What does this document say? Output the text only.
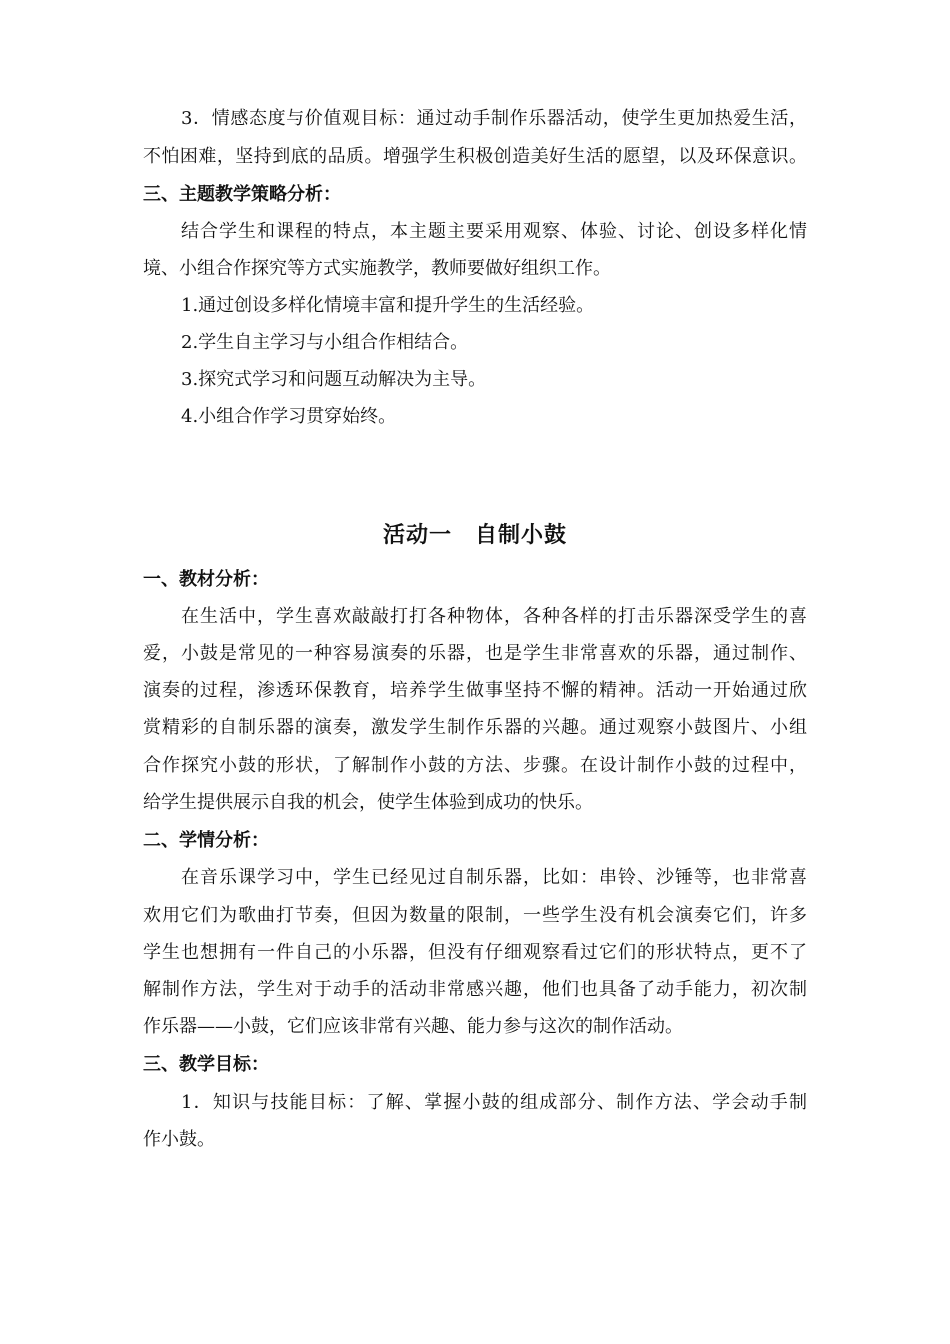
3．情感态度与价值观目标：通过动手制作乐器活动，使学生更加热爱生活，
不怕困难，坚持到底的品质。增强学生积极创造美好生活的愿望，以及环保意识。
三、主题教学策略分析：
结合学生和课程的特点，本主题主要采用观察、体验、讨论、创设多样化情
境、小组合作探究等方式实施教学，教师要做好组织工作。
1.通过创设多样化情境丰富和提升学生的生活经验。
2.学生自主学习与小组合作相结合。
3.探究式学习和问题互动解决为主导。
4.小组合作学习贯穿始终。
活动一　自制小鼓
一、教材分析：
在生活中，学生喜欢敲敲打打各种物体，各种各样的打击乐器深受学生的喜
爱，小鼓是常见的一种容易演奏的乐器，也是学生非常喜欢的乐器，通过制作、
演奏的过程，渗透环保教育，培养学生做事坚持不懈的精神。活动一开始通过欣
赏精彩的自制乐器的演奏，激发学生制作乐器的兴趣。通过观察小鼓图片、小组
合作探究小鼓的形状，了解制作小鼓的方法、步骤。在设计制作小鼓的过程中，
给学生提供展示自我的机会，使学生体验到成功的快乐。
二、学情分析：
在音乐课学习中，学生已经见过自制乐器，比如：串铃、沙锤等，也非常喜
欢用它们为歌曲打节奏，但因为数量的限制，一些学生没有机会演奏它们，许多
学生也想拥有一件自己的小乐器，但没有仔细观察看过它们的形状特点，更不了
解制作方法，学生对于动手的活动非常感兴趣，他们也具备了动手能力，初次制
作乐器——小鼓，它们应该非常有兴趣、能力参与这次的制作活动。
三、教学目标：
1．知识与技能目标：了解、掌握小鼓的组成部分、制作方法、学会动手制
作小鼓。
